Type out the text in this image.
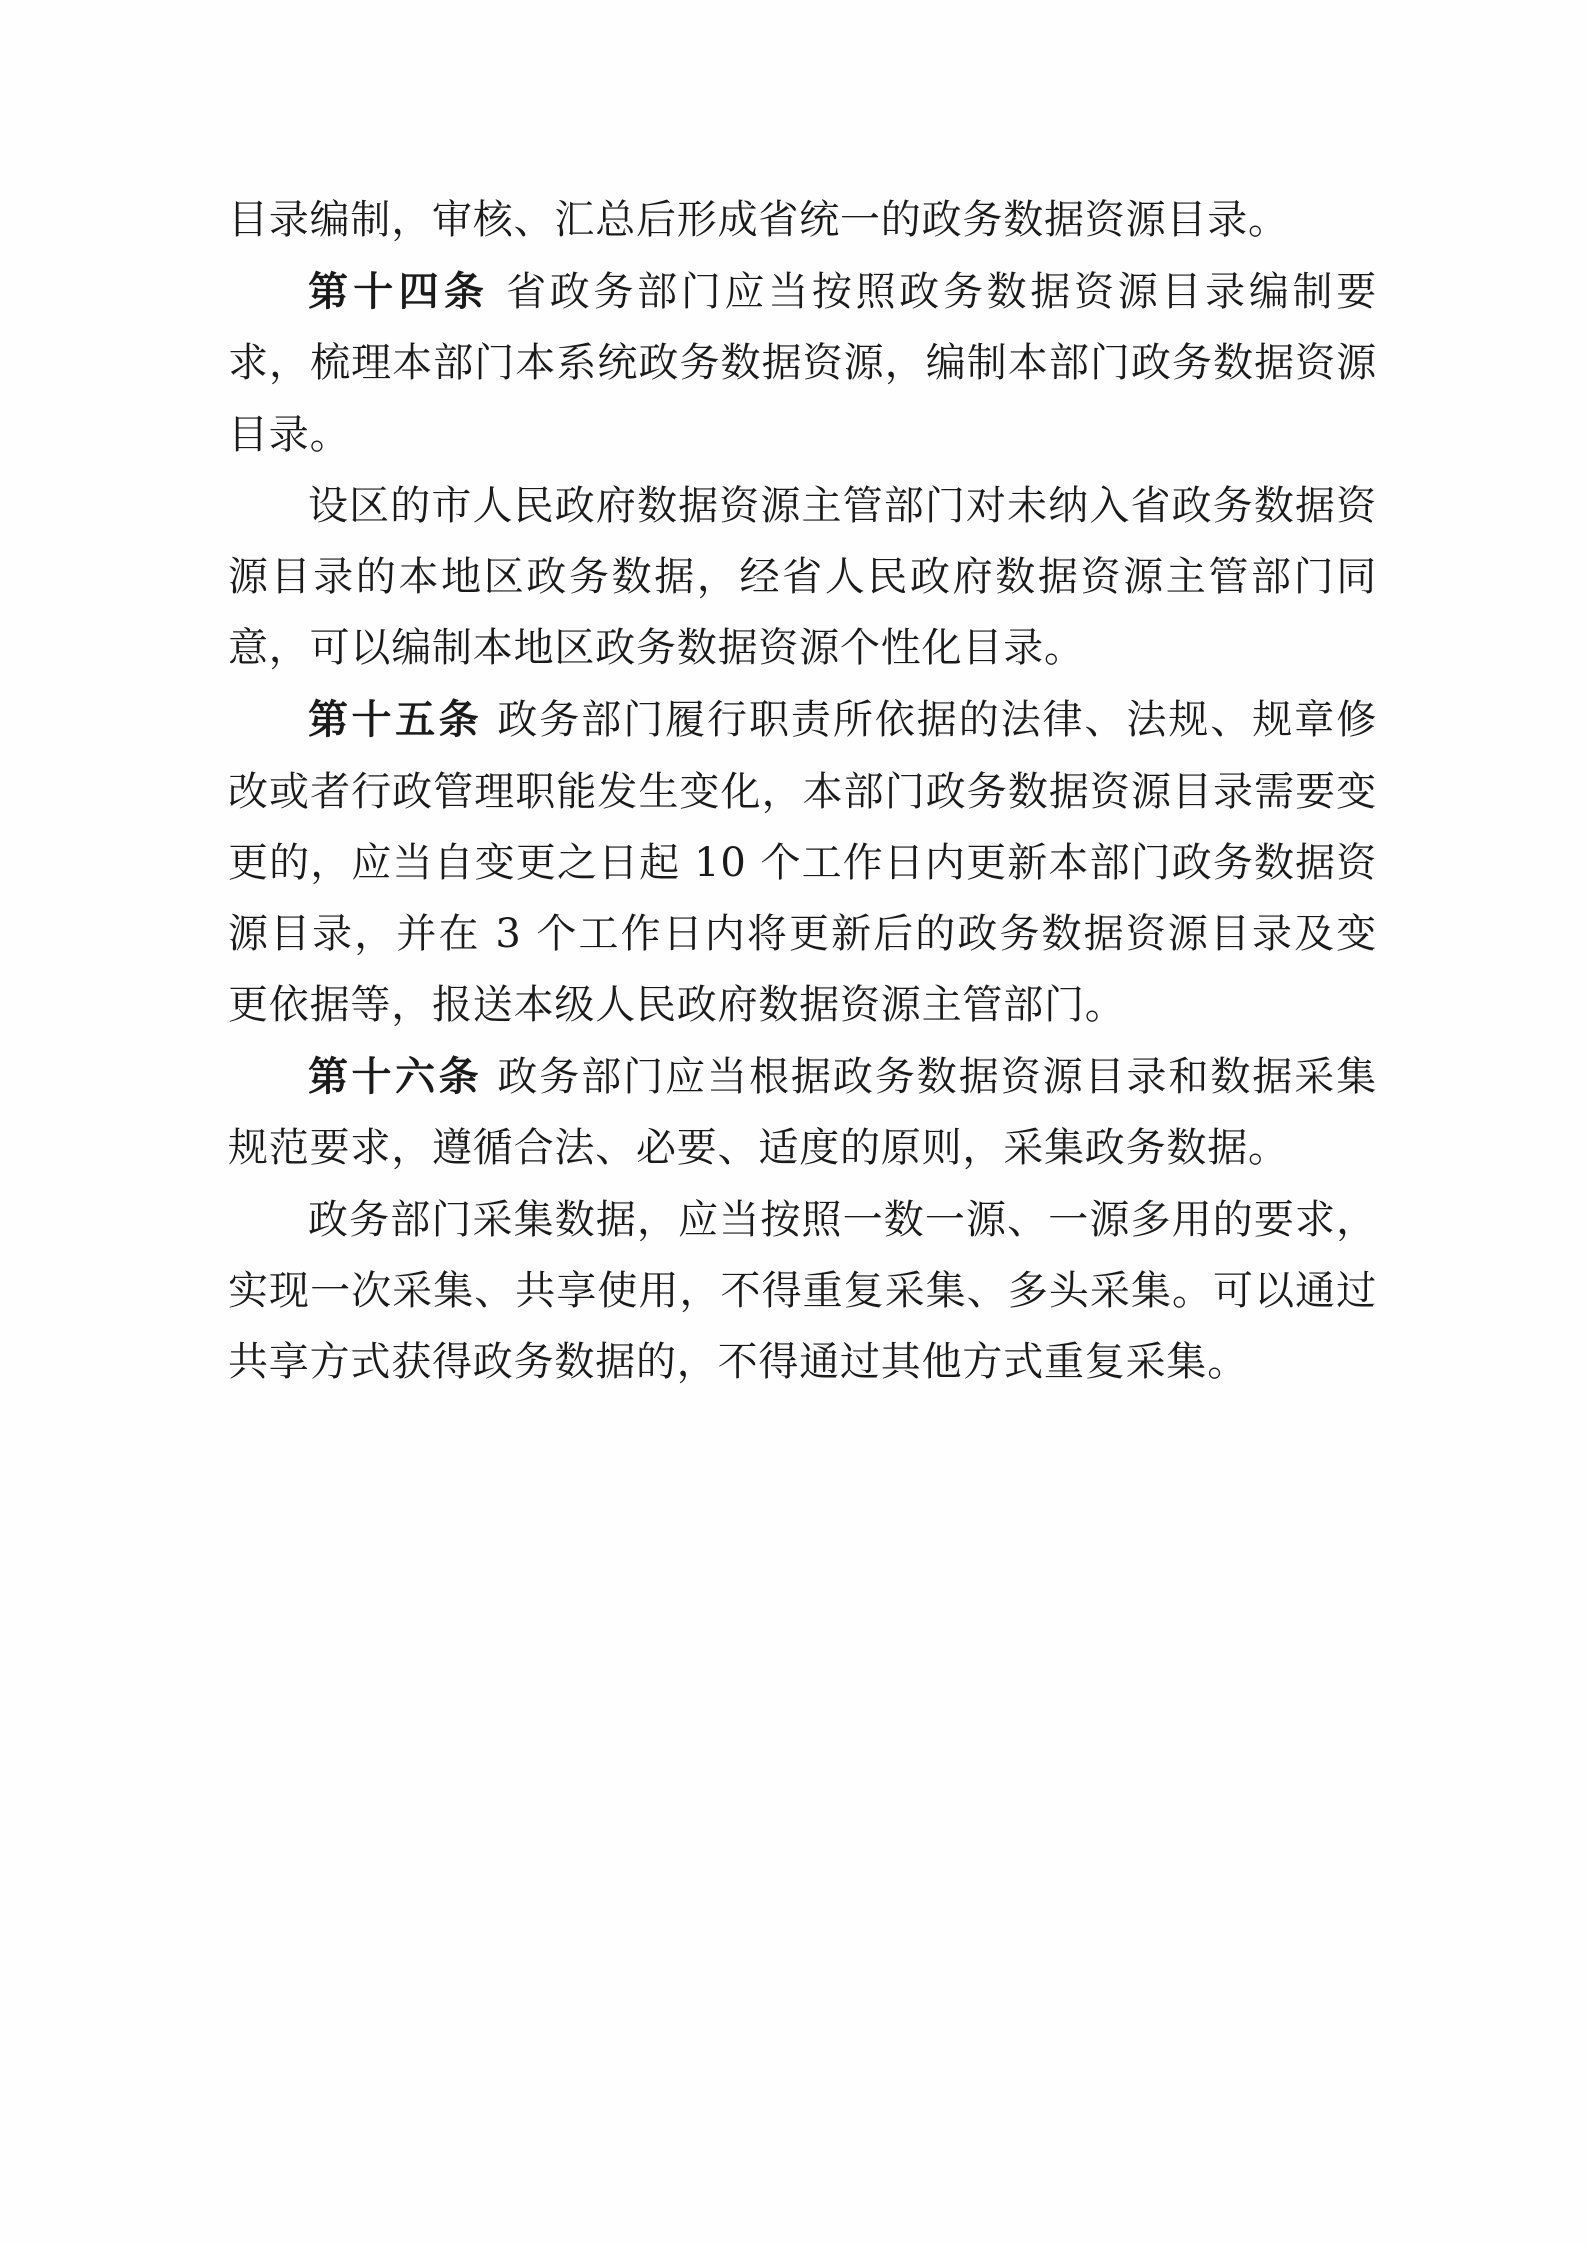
目录编制，审核、汇总后形成省统一的政务数据资源目录。

第十四条 省政务部门应当按照政务数据资源目录编制要求，梳理本部门本系统政务数据资源，编制本部门政务数据资源目录。

设区的市人民政府数据资源主管部门对未纳入省政务数据资源目录的本地区政务数据，经省人民政府数据资源主管部门同意，可以编制本地区政务数据资源个性化目录。

第十五条 政务部门履行职责所依据的法律、法规、规章修改或者行政管理职能发生变化，本部门政务数据资源目录需要变更的，应当自变更之日起 10 个工作日内更新本部门政务数据资源目录，并在 3 个工作日内将更新后的政务数据资源目录及变更依据等，报送本级人民政府数据资源主管部门。

第十六条 政务部门应当根据政务数据资源目录和数据采集规范要求，遵循合法、必要、适度的原则，采集政务数据。

政务部门采集数据，应当按照一数一源、一源多用的要求，实现一次采集、共享使用，不得重复采集、多头采集。可以通过共享方式获得政务数据的，不得通过其他方式重复采集。
